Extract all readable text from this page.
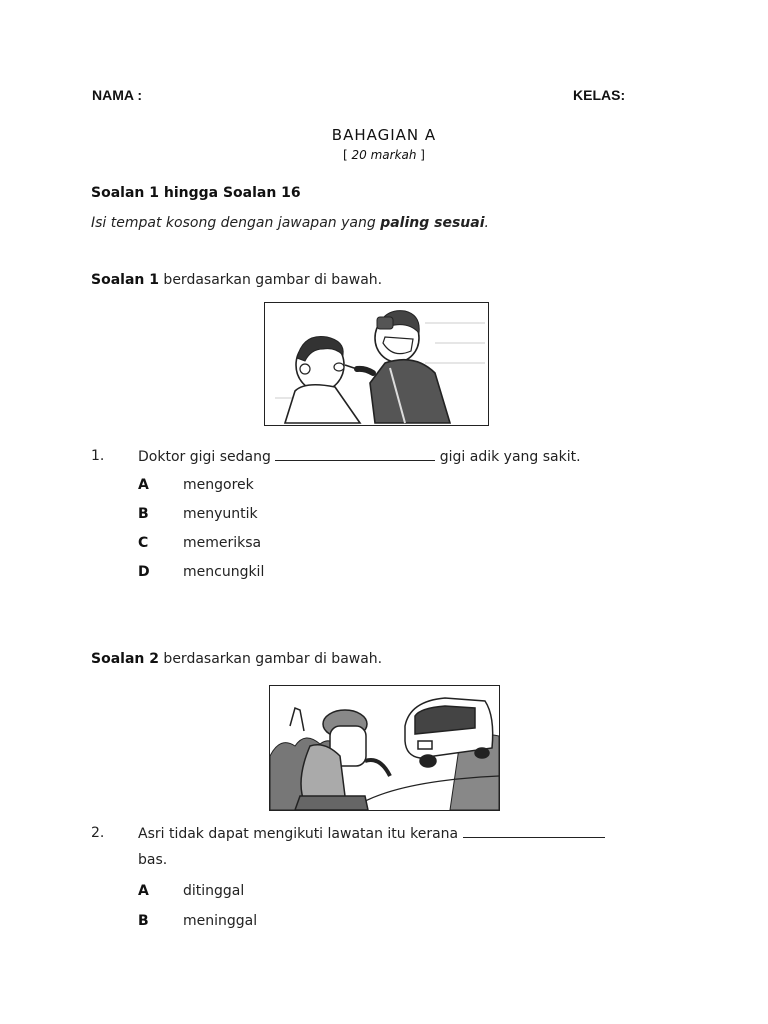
NAMA :	KELAS:
BAHAGIAN A
[ 20 markah ]
Soalan 1 hingga Soalan 16
Isi tempat kosong dengan jawapan yang paling sesuai.
Soalan 1 berdasarkan gambar di bawah.
1. Doktor gigi sedang	gigi adik yang sakit.
A mengorek
B menyuntik
C memeriksa
D mencungkil
Soalan 2 berdasarkan gambar di bawah.
2. Asri tidak dapat mengikuti lawatan itu kerana
bas.
A ditinggal
B meninggal
